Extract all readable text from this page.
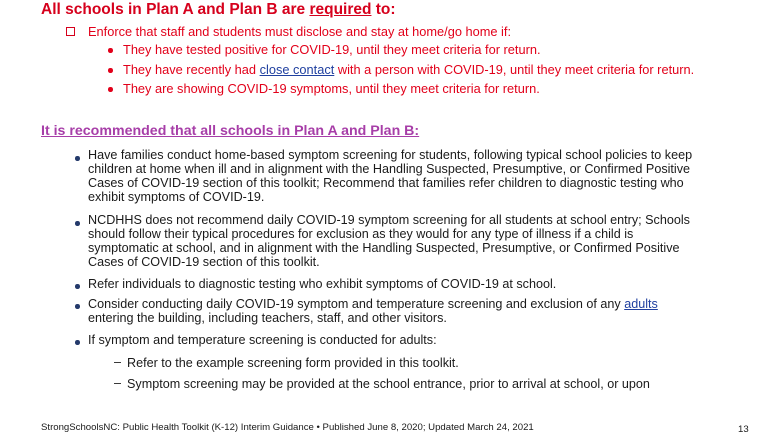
All schools in Plan A and Plan B are required to:
Enforce that staff and students must disclose and stay at home/go home if:
They have tested positive for COVID-19, until they meet criteria for return.
They have recently had close contact with a person with COVID-19, until they meet criteria for return.
They are showing COVID-19 symptoms, until they meet criteria for return.
It is recommended that all schools in Plan A and Plan B:
Have families conduct home-based symptom screening for students, following typical school policies to keep
children at home when ill and in alignment with the Handling Suspected, Presumptive, or Confirmed Positive
Cases of COVID-19 section of this toolkit; Recommend that families refer children to diagnostic testing who
exhibit symptoms of COVID-19.
NCDHHS does not recommend daily COVID-19 symptom screening for all students at school entry; Schools
should follow their typical procedures for exclusion as they would for any type of illness if a child is
symptomatic at school, and in alignment with the Handling Suspected, Presumptive, or Confirmed Positive
Cases of COVID-19 section of this toolkit.
Refer individuals to diagnostic testing who exhibit symptoms of COVID-19 at school.
Consider conducting daily COVID-19 symptom and temperature screening and exclusion of any adults
entering the building, including teachers, staff, and other visitors.
If symptom and temperature screening is conducted for adults:
– Refer to the example screening form provided in this toolkit.
– Symptom screening may be provided at the school entrance, prior to arrival at school, or upon
StrongSchoolsNC: Public Health Toolkit (K-12) Interim Guidance • Published June 8, 2020; Updated March 24, 2021	13
